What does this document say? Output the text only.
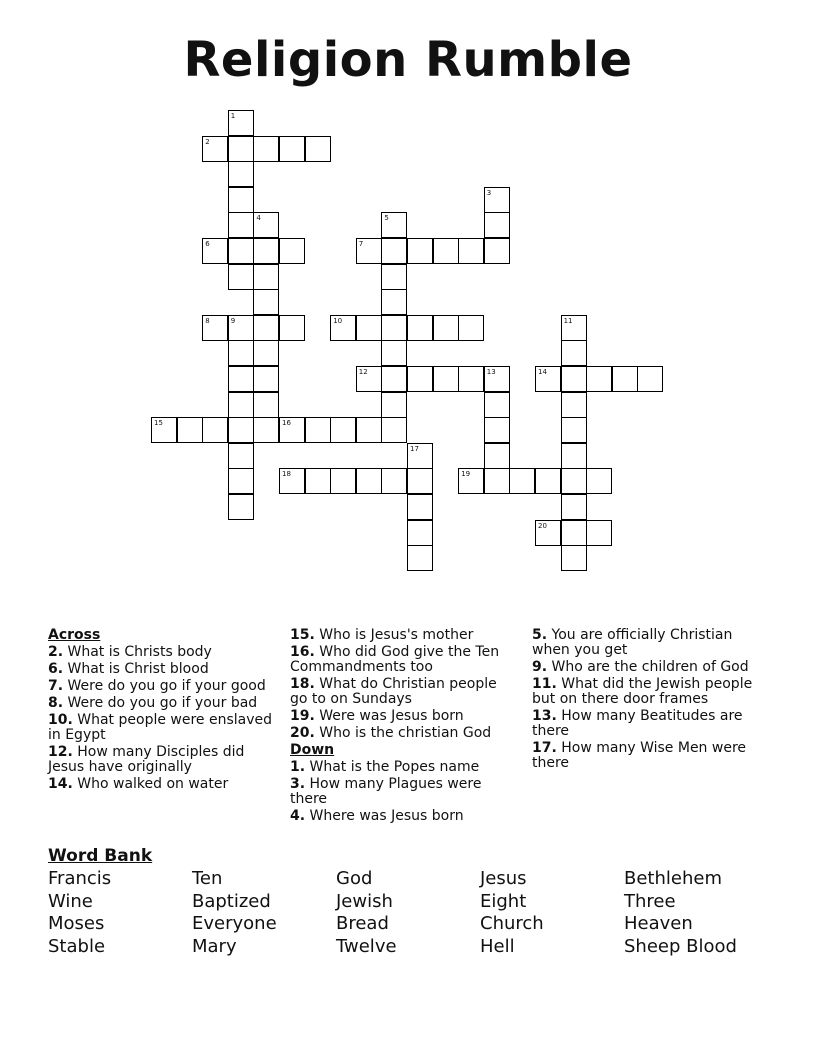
Religion Rumble
1
2
3
4	5
6	7
8	9	10	11
12	13	14
15	16
17
18	19
20
Across
2. What is Christs body
6. What is Christ blood
7. Were do you go if your good
8. Were do you go if your bad
10. What people were enslaved in Egypt
12. How many Disciples did Jesus have originally
14. Who walked on water
15. Who is Jesus's mother
16. Who did God give the Ten Commandments too
18. What do Christian people go to on Sundays
19. Were was Jesus born
20. Who is the christian God
Down
1. What is the Popes name
3. How many Plagues were there
4. Where was Jesus born
5. You are officially Christian when you get
9. Who are the children of God
11. What did the Jewish people but on there door frames
13. How many Beatitudes are there
17. How many Wise Men were there
Word Bank
Francis	Ten	God	Jesus	Bethlehem
Wine	Baptized	Jewish	Eight	Three
Moses	Everyone	Bread	Church	Heaven
Stable	Mary	Twelve	Hell	Sheep Blood
